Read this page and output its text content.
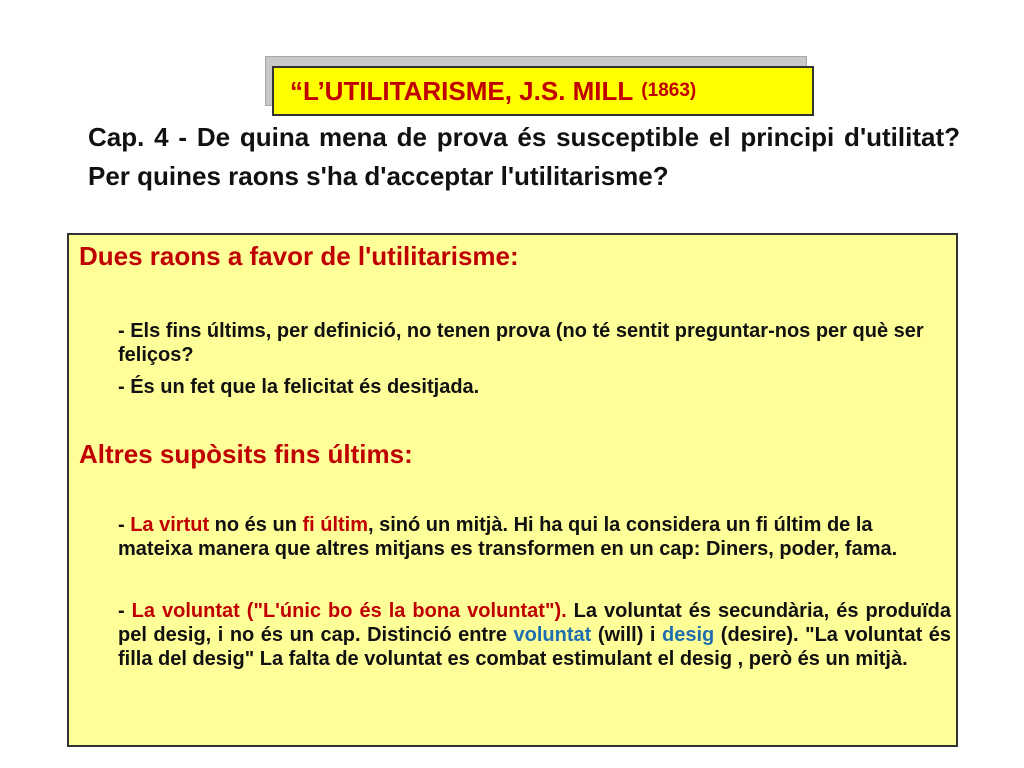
“L’UTILITARISME, J.S. MILL (1863)
Cap. 4 - De quina mena de prova és susceptible el principi d'utilitat? Per quines raons s'ha d'acceptar l'utilitarisme?
Dues raons a favor de l'utilitarisme:
- Els fins últims, per definició, no tenen prova (no té sentit preguntar-nos per què ser feliços?
- És un fet que la felicitat és desitjada.
Altres supòsits fins últims:
- La virtut no és un fi últim, sinó un mitjà. Hi ha qui la considera un fi últim de la mateixa manera que altres mitjans es transformen en un cap: Diners, poder, fama.
- La voluntat ("L'únic bo és la bona voluntat"). La voluntat és secundària, és produïda pel desig, i no és un cap. Distinció entre voluntat (will) i desig (desire). "La voluntat és filla del desig" La falta de voluntat es combat estimulant el desig , però és un mitjà.
